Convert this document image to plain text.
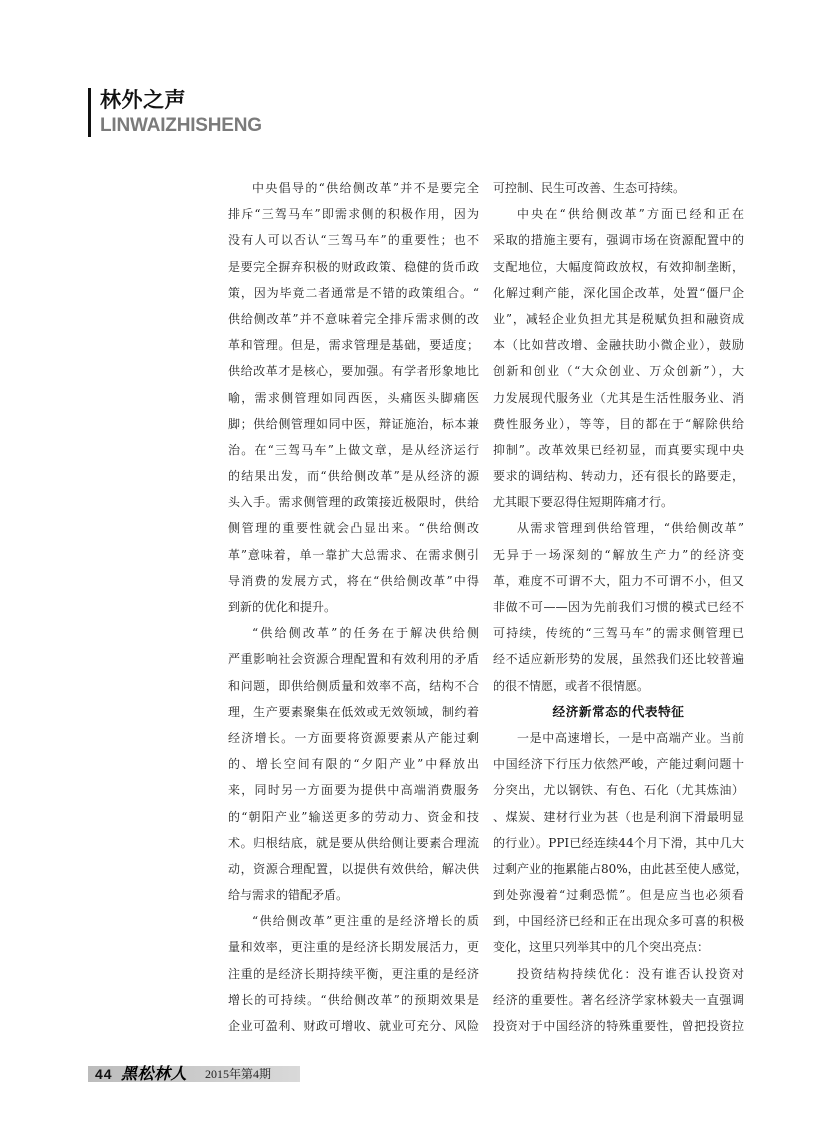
林外之声
LINWAIZHISHENG
中央倡导的“供给侧改革”并不是要完全
排斥“三驾马车”即需求侧的积极作用，因为
没有人可以否认“三驾马车”的重要性；也不
是要完全摒弃积极的财政政策、稳健的货币政
策，因为毕竟二者通常是不错的政策组合。“
供给侧改革”并不意味着完全排斥需求侧的改
革和管理。但是，需求管理是基础，要适度；
供给改革才是核心，要加强。有学者形象地比
喻，需求侧管理如同西医，头痛医头脚痛医
脚；供给侧管理如同中医，辩证施治，标本兼
治。在“三驾马车”上做文章，是从经济运行
的结果出发，而“供给侧改革”是从经济的源
头入手。需求侧管理的政策接近极限时，供给
侧管理的重要性就会凸显出来。“供给侧改
革”意味着，单一靠扩大总需求、在需求侧引
导消费的发展方式，将在“供给侧改革”中得
到新的优化和提升。
“供给侧改革”的任务在于解决供给侧
严重影响社会资源合理配置和有效利用的矛盾
和问题，即供给侧质量和效率不高，结构不合
理，生产要素聚集在低效或无效领域，制约着
经济增长。一方面要将资源要素从产能过剩
的、增长空间有限的“夕阳产业”中释放出
来，同时另一方面要为提供中高端消费服务
的“朝阳产业”输送更多的劳动力、资金和技
术。归根结底，就是要从供给侧让要素合理流
动，资源合理配置，以提供有效供给，解决供
给与需求的错配矛盾。
“供给侧改革”更注重的是经济增长的质
量和效率，更注重的是经济长期发展活力，更
注重的是经济长期持续平衡，更注重的是经济
增长的可持续。“供给侧改革”的预期效果是
企业可盈利、财政可增收、就业可充分、风险
可控制、民生可改善、生态可持续。
中央在“供给侧改革”方面已经和正在
采取的措施主要有，强调市场在资源配置中的
支配地位，大幅度简政放权，有效抑制垄断，
化解过剩产能，深化国企改革，处置“僵尸企
业”，减轻企业负担尤其是税赋负担和融资成
本（比如营改增、金融扶助小微企业），鼓励
创新和创业（“大众创业、万众创新”），大
力发展现代服务业（尤其是生活性服务业、消
费性服务业），等等，目的都在于“解除供给
抑制”。改革效果已经初显，而真要实现中央
要求的调结构、转动力，还有很长的路要走，
尤其眼下要忍得住短期阵痛才行。
从需求管理到供给管理，“供给侧改革”
无异于一场深刻的“解放生产力”的经济变
革，难度不可谓不大，阻力不可谓不小，但又
非做不可——因为先前我们习惯的模式已经不
可持续，传统的“三驾马车”的需求侧管理已
经不适应新形势的发展，虽然我们还比较普遍
的很不情愿，或者不很情愿。
经济新常态的代表特征
一是中高速增长，一是中高端产业。当前
中国经济下行压力依然严峻，产能过剩问题十
分突出，尤以钢铁、有色、石化（尤其炼油）
、煤炭、建材行业为甚（也是利润下滑最明显
的行业）。PPI已经连续44个月下滑，其中几大
过剩产业的拖累能占80%，由此甚至使人感觉，
到处弥漫着“过剩恐慌”。但是应当也必须看
到，中国经济已经和正在出现众多可喜的积极
变化，这里只列举其中的几个突出亮点：
投资结构持续优化：没有谁否认投资对
经济的重要性。著名经济学家林毅夫一直强调
投资对于中国经济的特殊重要性，曾把投资拉
44 黑松林人 2015年第4期
